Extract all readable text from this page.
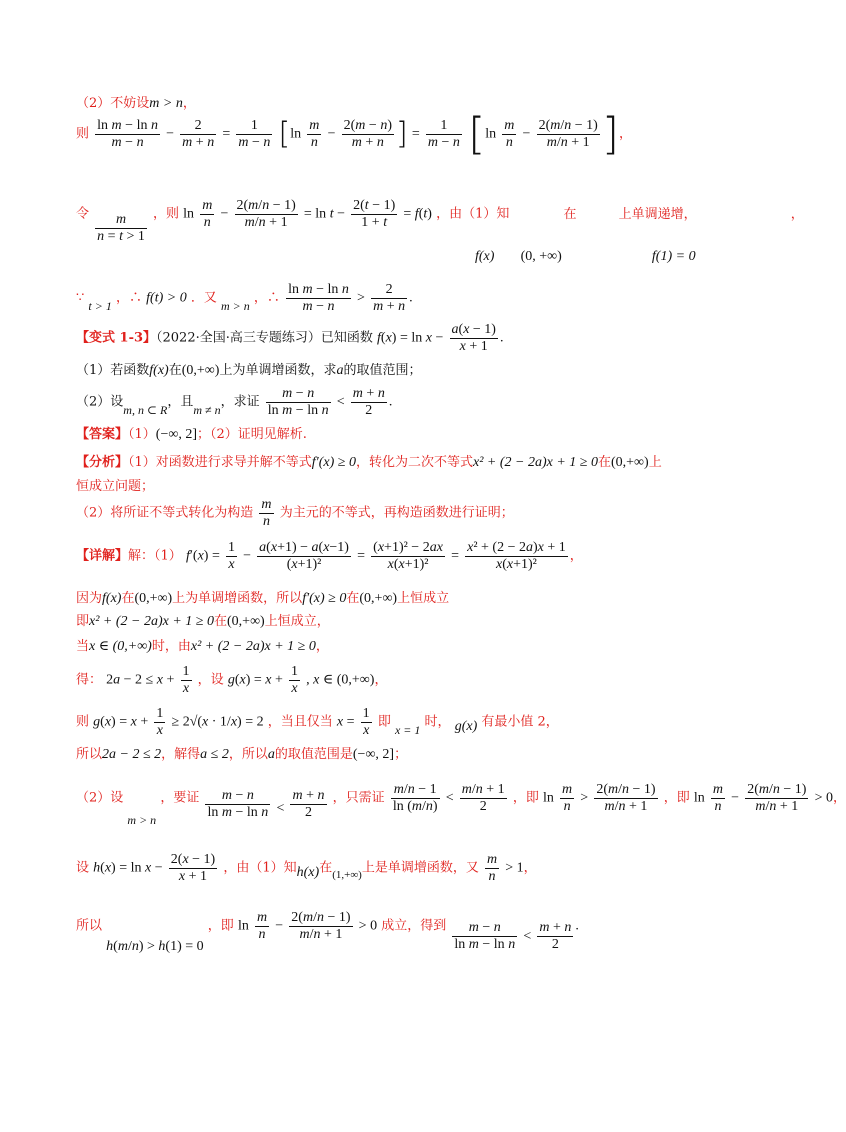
（2）不妨设m > n，
则 $\frac{\text{ln m − ln n}}{m - n} - \frac{2}{m + n} = \frac{1}{m - n} [\ln \frac{m}{n} - \frac{2(m - n)}{m + n}$ ] = $\frac{1}{m - n} [\ln \frac{m}{n} - \frac{2(m/n - 1)}{m/n + 1}$ ]，
令 $\frac{m}{n = t > 1}$ ，则 $\ln \frac{m}{n} - \frac{2(m/n - 1)}{m/n + 1} = \ln t - \frac{2(t - 1)}{1 + t} = f(t)$ ，由（1）知	在	上单调递增，	，
f(x) (0, +∞)	f(1) = 0
∵ t > 1 ，∴ f(t) > 0 ．又 m > n ，∴ $\frac{\text{ln m − ln n}}{m - n} > \frac{2}{m + n}$ .
【变式 1-3】（2022·全国·高三专题练习）已知函数 $f(x) = \ln x - \frac{a(x - 1)}{x + 1}$ .
（1）若函数f(x)在(0,+∞)上为单调增函数，求a的取值范围；
（2）设m, n ⊂ R，且m ≠ n，求证 $\frac{m - n}{\text{ln m − ln n}} < \frac{m + n}{2}$ .
【答案】（1）(−∞, 2]；（2）证明见解析.
【分析】（1）对函数进行求导并解不等式f′(x) ≥ 0，转化为二次不等式x² + (2 − 2a)x + 1 ≥ 0在(0,+∞)上
恒成立问题；
（2）将所证不等式转化为构造 $\frac{m}{n}$ 为主元的不等式，再构造函数进行证明；
【详解】解：（1） $f'(x) = \frac{1}{x} - \frac{a(x+1) - a(x-1)}{\text{(x+1)²}} = \frac{\text{(x+1)² − 2ax}}{\text{x(x+1)²}} = \frac{\text{x² + (2 − 2a)x + 1}}{\text{x(x+1)²}}$ ，
因为f(x)在(0,+∞)上为单调增函数，所以f′(x) ≥ 0在(0,+∞)上恒成立
即x² + (2 − 2a)x + 1 ≥ 0在(0,+∞)上恒成立，
当x ∈ (0,+∞)时，由x² + (2 − 2a)x + 1 ≥ 0，
得： $2a - 2 \le x + \frac{1}{x}$ ，设 $g(x) = x + \frac{1}{x}$ , x ∈ (0,+∞)，
则 $g(x) = x + \frac{1}{x} \ge 2√(x \cdot 1/x) = 2$ ，当且仅当 $x = \frac{1}{x}$ 即 x = 1 时， g(x) 有最小值 2，
所以2a − 2 ≤ 2，解得a ≤ 2，所以a的取值范围是(−∞, 2]；
（2）设 m > n ，要证 $\frac{m - n}{\text{ln m − ln n}} < \frac{m + n}{2}$ ，只需证 $\frac{m/n - 1}{\ln (m/n)} < \frac{m/n + 1}{2}$ ，即 $\ln \frac{m}{n} > \frac{2(m/n - 1)}{m/n + 1}$ ，即 $\ln \frac{m}{n} - \frac{2(m/n - 1)}{m/n + 1} > 0$，
设 $h(x) = \ln x - \frac{2(x - 1)}{x + 1}$ ，由（1）知h(x)在$_{(1,+\infty)}$上是单调增函数，又 $\frac{m}{n} > 1$，
所以 h(m/n) > h(1) = 0 ，即 $\ln \frac{m}{n} - \frac{2(m/n - 1)}{m/n + 1} > 0$ 成立，得到 $\frac{m - n}{\text{ln m − ln n}} < \frac{m + n}{2}$ .
